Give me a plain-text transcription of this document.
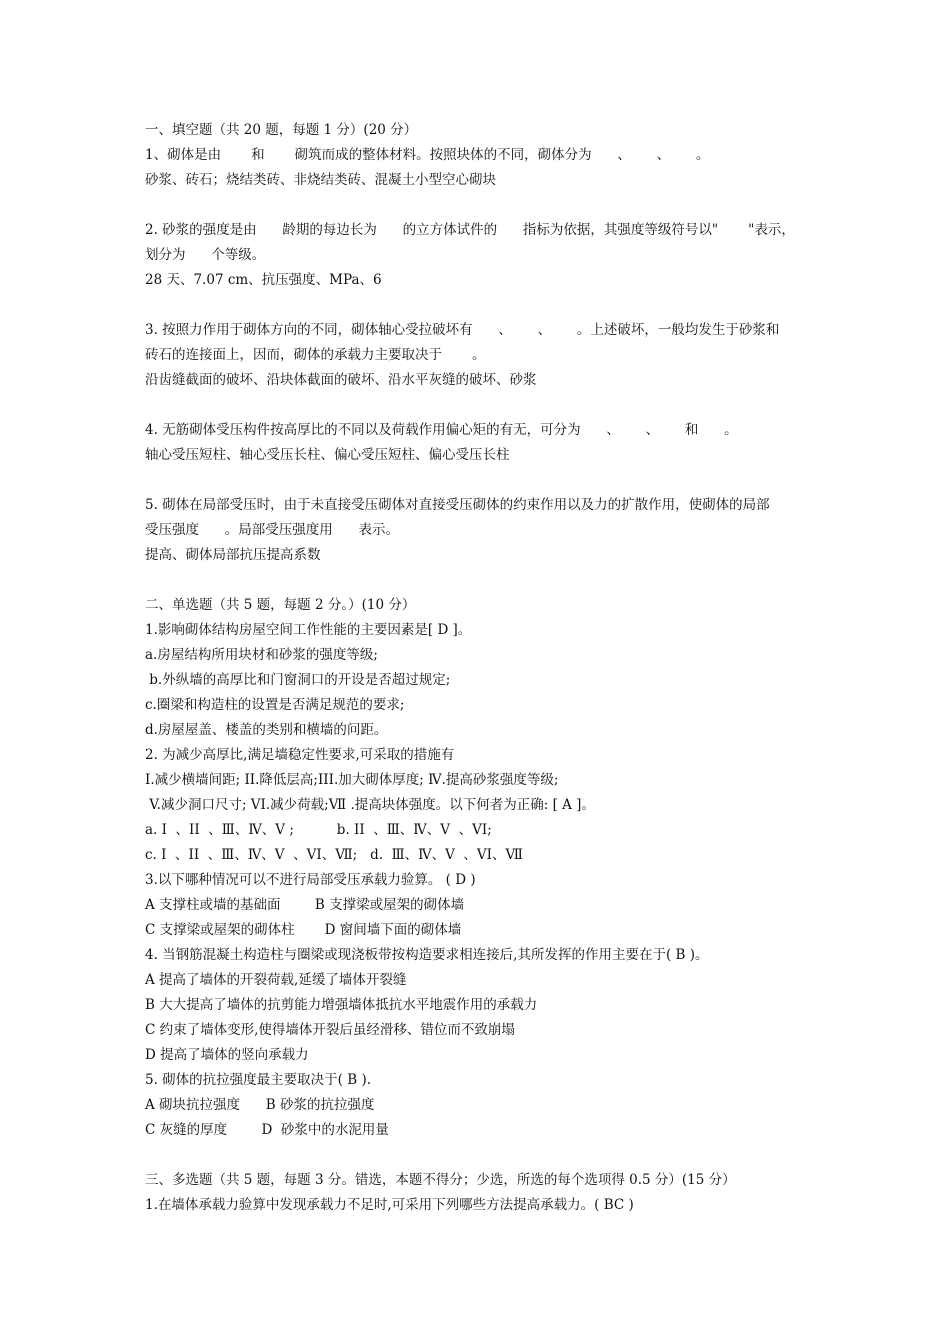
一、填空题（共 20 题，每题 1 分）(20 分）
1、砌体是由       和       砌筑而成的整体材料。按照块体的不同，砌体分为      、      、      。
砂浆、砖石；烧结类砖、非烧结类砖、混凝土小型空心砌块
2. 砂浆的强度是由      龄期的每边长为      的立方体试件的      指标为依据，其强度等级符号以"       "表示，
划分为      个等级。
28 天、7.07 cm、抗压强度、MPa、6
3. 按照力作用于砌体方向的不同，砌体轴心受拉破坏有      、      、      。上述破坏，一般均发生于砂浆和
砖石的连接面上，因而，砌体的承载力主要取决于       。
沿齿缝截面的破坏、沿块体截面的破坏、沿水平灰缝的破坏、砂浆
4. 无筋砌体受压构件按高厚比的不同以及荷载作用偏心矩的有无，可分为      、      、      和      。
轴心受压短柱、轴心受压长柱、偏心受压短柱、偏心受压长柱
5. 砌体在局部受压时，由于未直接受压砌体对直接受压砌体的约束作用以及力的扩散作用，使砌体的局部
受压强度      。局部受压强度用      表示。
提高、砌体局部抗压提高系数
二、单选题（共 5 题，每题 2 分。）(10 分）
1.影响砌体结构房屋空间工作性能的主要因素是[ D ]。
a.房屋结构所用块材和砂浆的强度等级;
b.外纵墙的高厚比和门窗洞口的开设是否超过规定;
c.圈梁和构造柱的设置是否满足规范的要求;
d.房屋屋盖、楼盖的类别和横墙的问距。
2. 为减少高厚比,满足墙稳定性要求,可采取的措施有
I.减少横墙间距; II.降低层高;III.加大砌体厚度; Ⅳ.提高砂浆强度等级;
V.减少洞口尺寸; VI.减少荷载;Ⅶ .提高块体强度。以下何者为正确: [ A ]。
a. I  、II  、Ⅲ、Ⅳ、V ;          b. II  、Ⅲ、Ⅳ、V  、VI;
c. I  、II  、Ⅲ、Ⅳ、V  、VI、Ⅶ;   d.  Ⅲ、Ⅳ、V  、VI、Ⅶ
3.以下哪种情况可以不进行局部受压承载力验算。 ( D )
A 支撑柱或墙的基础面        B 支撑梁或屋架的砌体墙
C 支撑梁或屋架的砌体柱       D 窗间墙下面的砌体墙
4. 当钢筋混凝土构造柱与圈梁或现浇板带按构造要求相连接后,其所发挥的作用主要在于( B )。
A 提高了墙体的开裂荷载,延缓了墙体开裂缝
B 大大提高了墙体的抗剪能力增强墙体抵抗水平地震作用的承载力
C 约束了墙体变形,使得墙体开裂后虽经滑移、错位而不致崩塌
D 提高了墙体的竖向承载力
5. 砌体的抗拉强度最主要取决于( B ).
A 砌块抗拉强度      B 砂浆的抗拉强度
C 灰缝的厚度        D  砂浆中的水泥用量
三、多选题（共 5 题，每题 3 分。错选，本题不得分；少选，所选的每个选项得 0.5 分）(15 分）
1.在墙体承载力验算中发现承载力不足时,可采用下列哪些方法提高承载力。( BC )
